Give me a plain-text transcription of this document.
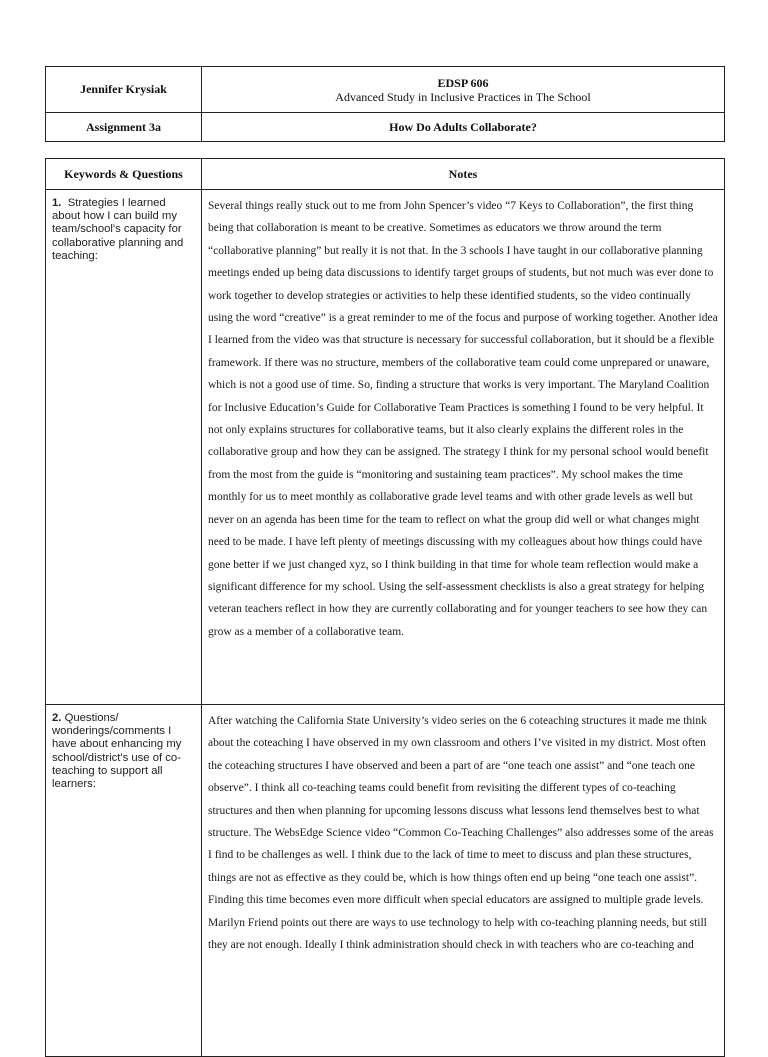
Jennifer Krysiak	EDSP 606
Advanced Study in Inclusive Practices in The School

Assignment 3a	How Do Adults Collaborate?
Keywords & Questions	Notes
1. Strategies I learned about how I can build my team/school's capacity for collaborative planning and teaching:	Several things really stuck out to me from John Spencer’s video “7 Keys to Collaboration”, the first thing being that collaboration is meant to be creative. Sometimes as educators we throw around the term “collaborative planning” but really it is not that. In the 3 schools I have taught in our collaborative planning meetings ended up being data discussions to identify target groups of students, but not much was ever done to work together to develop strategies or activities to help these identified students, so the video continually using the word “creative” is a great reminder to me of the focus and purpose of working together. Another idea I learned from the video was that structure is necessary for successful collaboration, but it should be a flexible framework. If there was no structure, members of the collaborative team could come unprepared or unaware, which is not a good use of time. So, finding a structure that works is very important. The Maryland Coalition for Inclusive Education’s Guide for Collaborative Team Practices is something I found to be very helpful. It not only explains structures for collaborative teams, but it also clearly explains the different roles in the collaborative group and how they can be assigned. The strategy I think for my personal school would benefit from the most from the guide is “monitoring and sustaining team practices”. My school makes the time monthly for us to meet monthly as collaborative grade level teams and with other grade levels as well but never on an agenda has been time for the team to reflect on what the group did well or what changes might need to be made. I have left plenty of meetings discussing with my colleagues about how things could have gone better if we just changed xyz, so I think building in that time for whole team reflection would make a significant difference for my school. Using the self-assessment checklists is also a great strategy for helping veteran teachers reflect in how they are currently collaborating and for younger teachers to see how they can grow as a member of a collaborative team.
2. Questions/ wonderings/comments I have about enhancing my school/district's use of co-teaching to support all learners:	After watching the California State University’s video series on the 6 coteaching structures it made me think about the coteaching I have observed in my own classroom and others I’ve visited in my district. Most often the coteaching structures I have observed and been a part of are “one teach one assist” and “one teach one observe”. I think all co-teaching teams could benefit from revisiting the different types of co-teaching structures and then when planning for upcoming lessons discuss what lessons lend themselves best to what structure. The WebsEdge Science video “Common Co-Teaching Challenges” also addresses some of the areas I find to be challenges as well. I think due to the lack of time to meet to discuss and plan these structures, things are not as effective as they could be, which is how things often end up being “one teach one assist”. Finding this time becomes even more difficult when special educators are assigned to multiple grade levels. Marilyn Friend points out there are ways to use technology to help with co-teaching planning needs, but still they are not enough. Ideally I think administration should check in with teachers who are co-teaching and
